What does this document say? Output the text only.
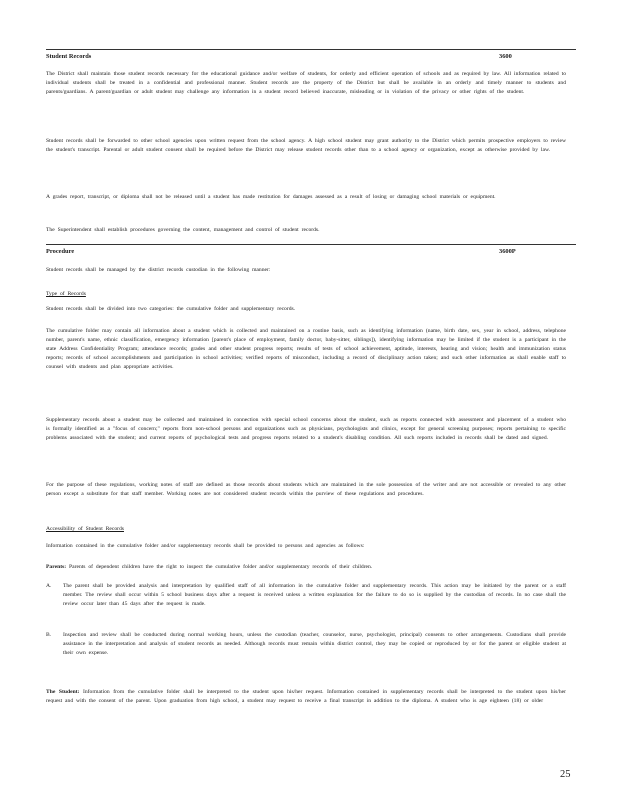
Student Records	3600
The District shall maintain those student records necessary for the educational guidance and/or welfare of students, for orderly and efficient operation of schools and as required by law. All information related to individual students shall be treated in a confidential and professional manner. Student records are the property of the District but shall be available in an orderly and timely manner to students and parents/guardians. A parent/guardian or adult student may challenge any information in a student record believed inaccurate, misleading or in violation of the privacy or other rights of the student.
Student records shall be forwarded to other school agencies upon written request from the school agency. A high school student may grant authority to the District which permits prospective employers to review the student's transcript. Parental or adult student consent shall be required before the District may release student records other than to a school agency or organization, except as otherwise provided by law.
A grades report, transcript, or diploma shall not be released until a student has made restitution for damages assessed as a result of losing or damaging school materials or equipment.
The Superintendent shall establish procedures governing the content, management and control of student records.
Procedure	3600P
Student records shall be managed by the district records custodian in the following manner:
Type of Records
Student records shall be divided into two categories: the cumulative folder and supplementary records.
The cumulative folder may contain all information about a student which is collected and maintained on a routine basis, such as identifying information (name, birth date, sex, year in school, address, telephone number, parent's name, ethnic classification, emergency information [parent's place of employment, family doctor, baby-sitter, siblings]), identifying information may be limited if the student is a participant in the state Address Confidentiality Program; attendance records; grades and other student progress reports; results of tests of school achievement, aptitude, interests, hearing and vision; health and immunization status reports; records of school accomplishments and participation in school activities; verified reports of misconduct, including a record of disciplinary action taken; and such other information as shall enable staff to counsel with students and plan appropriate activities.
Supplementary records about a student may be collected and maintained in connection with special school concerns about the student, such as reports connected with assessment and placement of a student who is formally identified as a "focus of concern;" reports from non-school persons and organizations such as physicians, psychologists and clinics, except for general screening purposes; reports pertaining to specific problems associated with the student; and current reports of psychological tests and progress reports related to a student's disabling condition. All such reports included in records shall be dated and signed.
For the purpose of these regulations, working notes of staff are defined as those records about students which are maintained in the sole possession of the writer and are not accessible or revealed to any other person except a substitute for that staff member. Working notes are not considered student records within the purview of these regulations and procedures.
Accessibility of Student Records
Information contained in the cumulative folder and/or supplementary records shall be provided to persons and agencies as follows:
Parents: Parents of dependent children have the right to inspect the cumulative folder and/or supplementary records of their children.
A.	The parent shall be provided analysis and interpretation by qualified staff of all information in the cumulative folder and supplementary records. This action may be initiated by the parent or a staff member. The review shall occur within 5 school business days after a request is received unless a written explanation for the failure to do so is supplied by the custodian of records. In no case shall the review occur later than 45 days after the request is made.
B.	Inspection and review shall be conducted during normal working hours, unless the custodian (teacher, counselor, nurse, psychologist, principal) consents to other arrangements. Custodians shall provide assistance in the interpretation and analysis of student records as needed. Although records must remain within district control, they may be copied or reproduced by or for the parent or eligible student at their own expense.
The Student: Information from the cumulative folder shall be interpreted to the student upon his/her request. Information contained in supplementary records shall be interpreted to the student upon his/her request and with the consent of the parent. Upon graduation from high school, a student may request to receive a final transcript in addition to the diploma. A student who is age eighteen (18) or older
25
